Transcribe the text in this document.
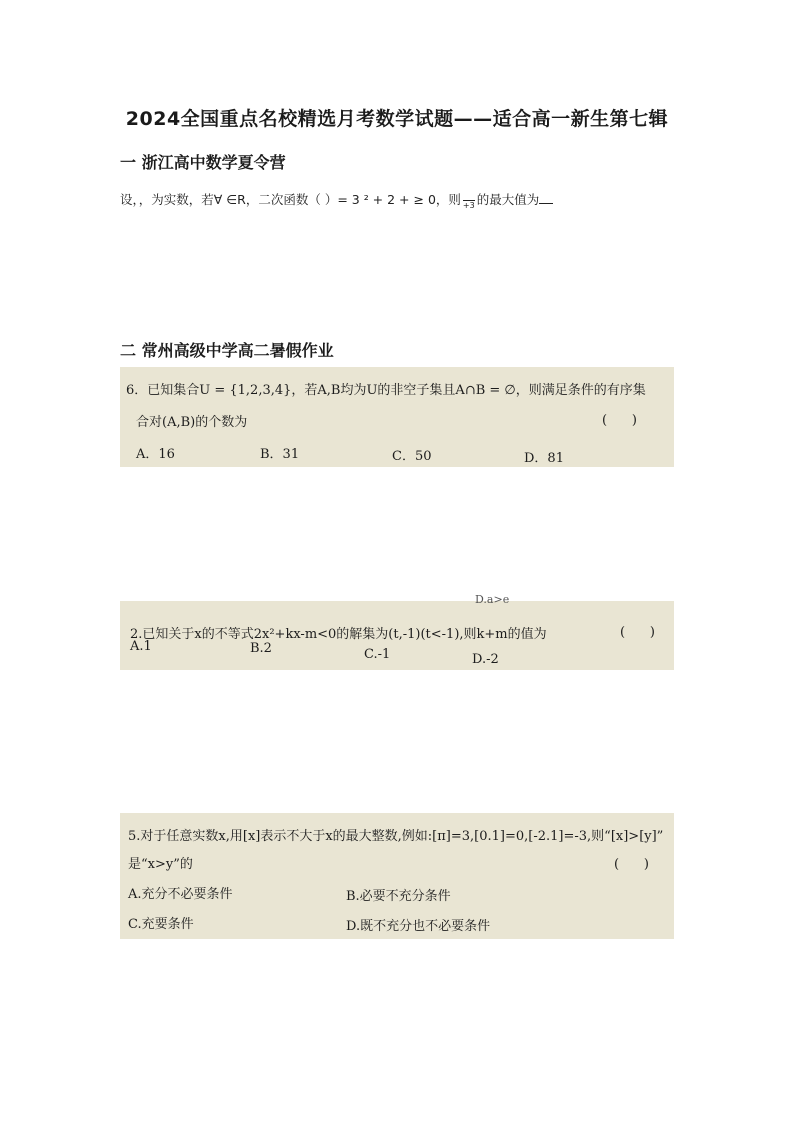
2024全国重点名校精选月考数学试题——适合高一新生第七辑
一 浙江高中数学夏令营
设，，为实数，若∀ ∈R，二次函数（ ）= 3 ² + 2 + ≥ 0，则
+3 的最大值为
二 常州高级中学高二暑假作业
6．已知集合U = {1,2,3,4}，若A,B均为U的非空子集且A∩B = ∅，则满足条件的有序集
合对(A,B)的个数为	(      )
A．16	B．31	C．50	D．81
D.a>e
2.已知关于x的不等式2x²+kx-m<0的解集为(t,-1)(t<-1),则k+m的值为	(      )
A.1	B.2	C.-1	D.-2
5.对于任意实数x,用[x]表示不大于x的最大整数,例如:[π]=3,[0.1]=0,[-2.1]=-3,则“[x]>[y]”
是“x>y”的	(      )
A.充分不必要条件	B.必要不充分条件
C.充要条件	D.既不充分也不必要条件
